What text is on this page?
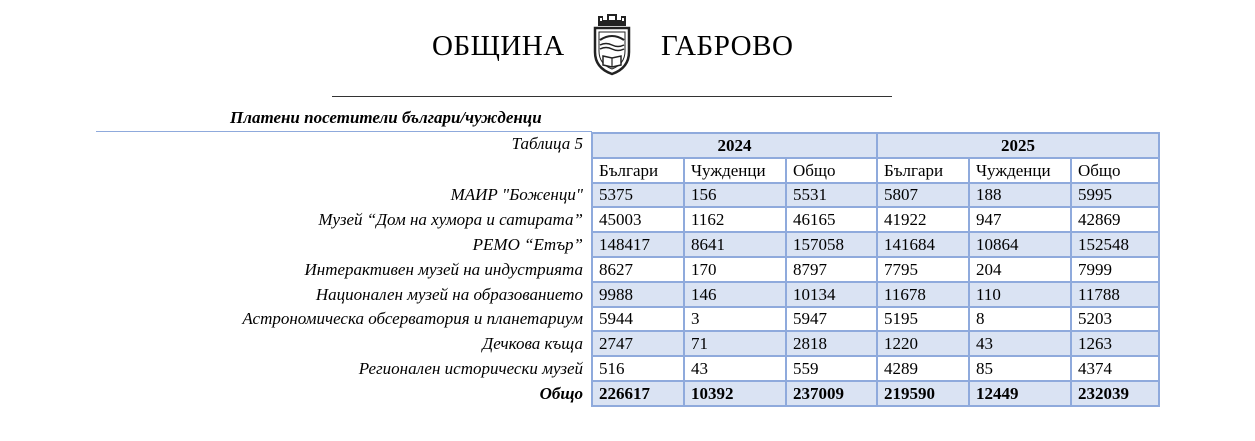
ОБЩИНА	ГАБРОВО
Платени посетители българи/чужденци
Таблица 5	2024			2025		
	Българи	Чужденци	Общо	Българи	Чужденци	Общо
МАИР "Боженци"	5375	156	5531	5807	188	5995
Музей “Дом на хумора и сатирата”	45003	1162	46165	41922	947	42869
РЕМО “Етър”	148417	8641	157058	141684	10864	152548
Интерактивен музей на индустрията	8627	170	8797	7795	204	7999
Национален музей на образованието	9988	146	10134	11678	110	11788
Астрономическа обсерватория и планетариум	5944	3	5947	5195	8	5203
Дечкова къща	2747	71	2818	1220	43	1263
Регионален исторически музей	516	43	559	4289	85	4374
Общо	226617	10392	237009	219590	12449	232039
